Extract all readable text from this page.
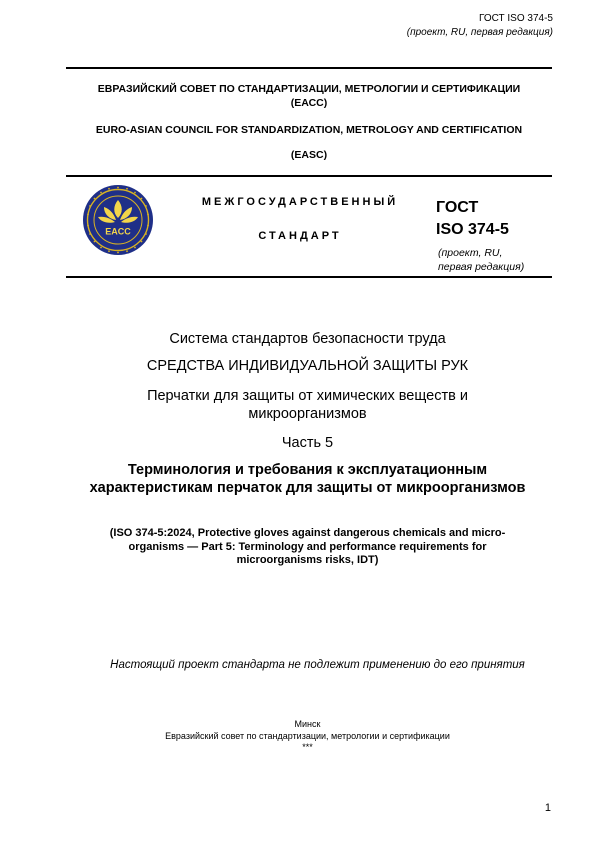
ГОСТ ISO 374-5
(проект, RU, первая редакция)
ЕВРАЗИЙСКИЙ СОВЕТ ПО СТАНДАРТИЗАЦИИ, МЕТРОЛОГИИ И СЕРТИФИКАЦИИ
(ЕАСС)
EURO-ASIAN COUNCIL FOR STANDARDIZATION, METROLOGY AND CERTIFICATION
(EASC)
EACC
МЕЖГОСУДАРСТВЕННЫЙ
СТАНДАРТ
ГОСТ
ISO 374-5
(проект, RU,
первая редакция)
Система стандартов безопасности труда
СРЕДСТВА ИНДИВИДУАЛЬНОЙ ЗАЩИТЫ РУК
Перчатки для защиты от химических веществ и
микроорганизмов
Часть 5
Терминология и требования к эксплуатационным
характеристикам перчаток для защиты от микроорганизмов
(ISO 374-5:2024, Protective gloves against dangerous chemicals and micro-
organisms — Part 5: Terminology and performance requirements for
microorganisms risks, IDT)
Настоящий проект стандарта не подлежит применению до его принятия
Минск
Евразийский совет по стандартизации, метрологии и сертификации
***
1
